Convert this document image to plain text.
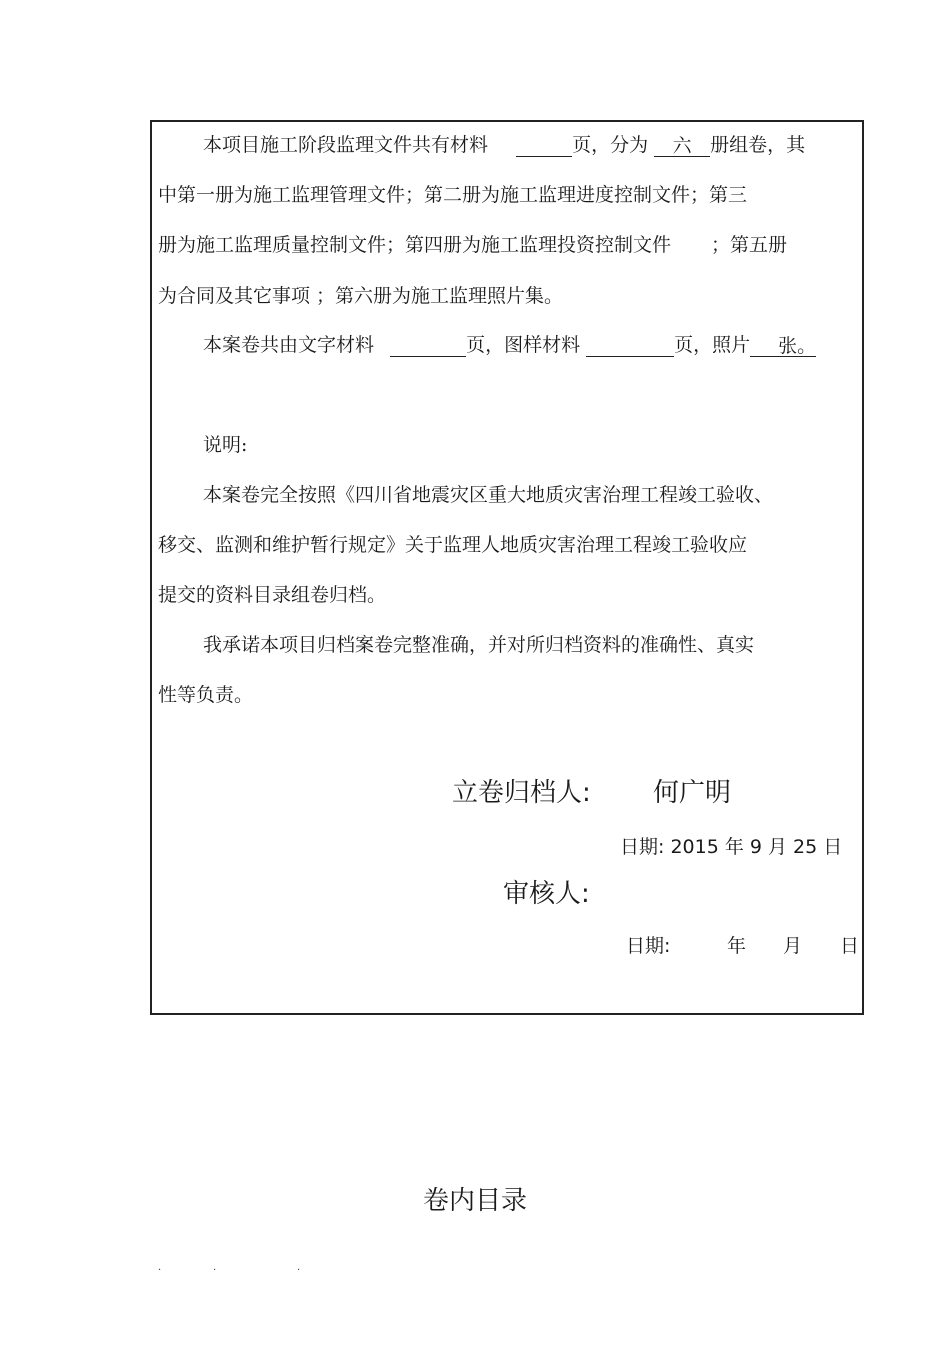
本项目施工阶段监理文件共有材料	页，分为 六 册组卷，其
中第一册为施工监理管理文件；第二册为施工监理进度控制文件；第三
册为施工监理质量控制文件；第四册为施工监理投资控制文件 ；第五册
为合同及其它事项 ；第六册为施工监理照片集。
本案卷共由文字材料	页，图样材料	页，照片 张。
说明:
本案卷完全按照《四川省地震灾区重大地质灾害治理工程竣工验收、
移交、监测和维护暂行规定》关于监理人地质灾害治理工程竣工验收应
提交的资料目录组卷归档。
我承诺本项目归档案卷完整准确，并对所归档资料的准确性、真实
性等负责。
立卷归档人: 何广明
日期: 2015 年 9 月 25 日
审核人:
日期:	年 月 日
卷内目录
.	.	.
